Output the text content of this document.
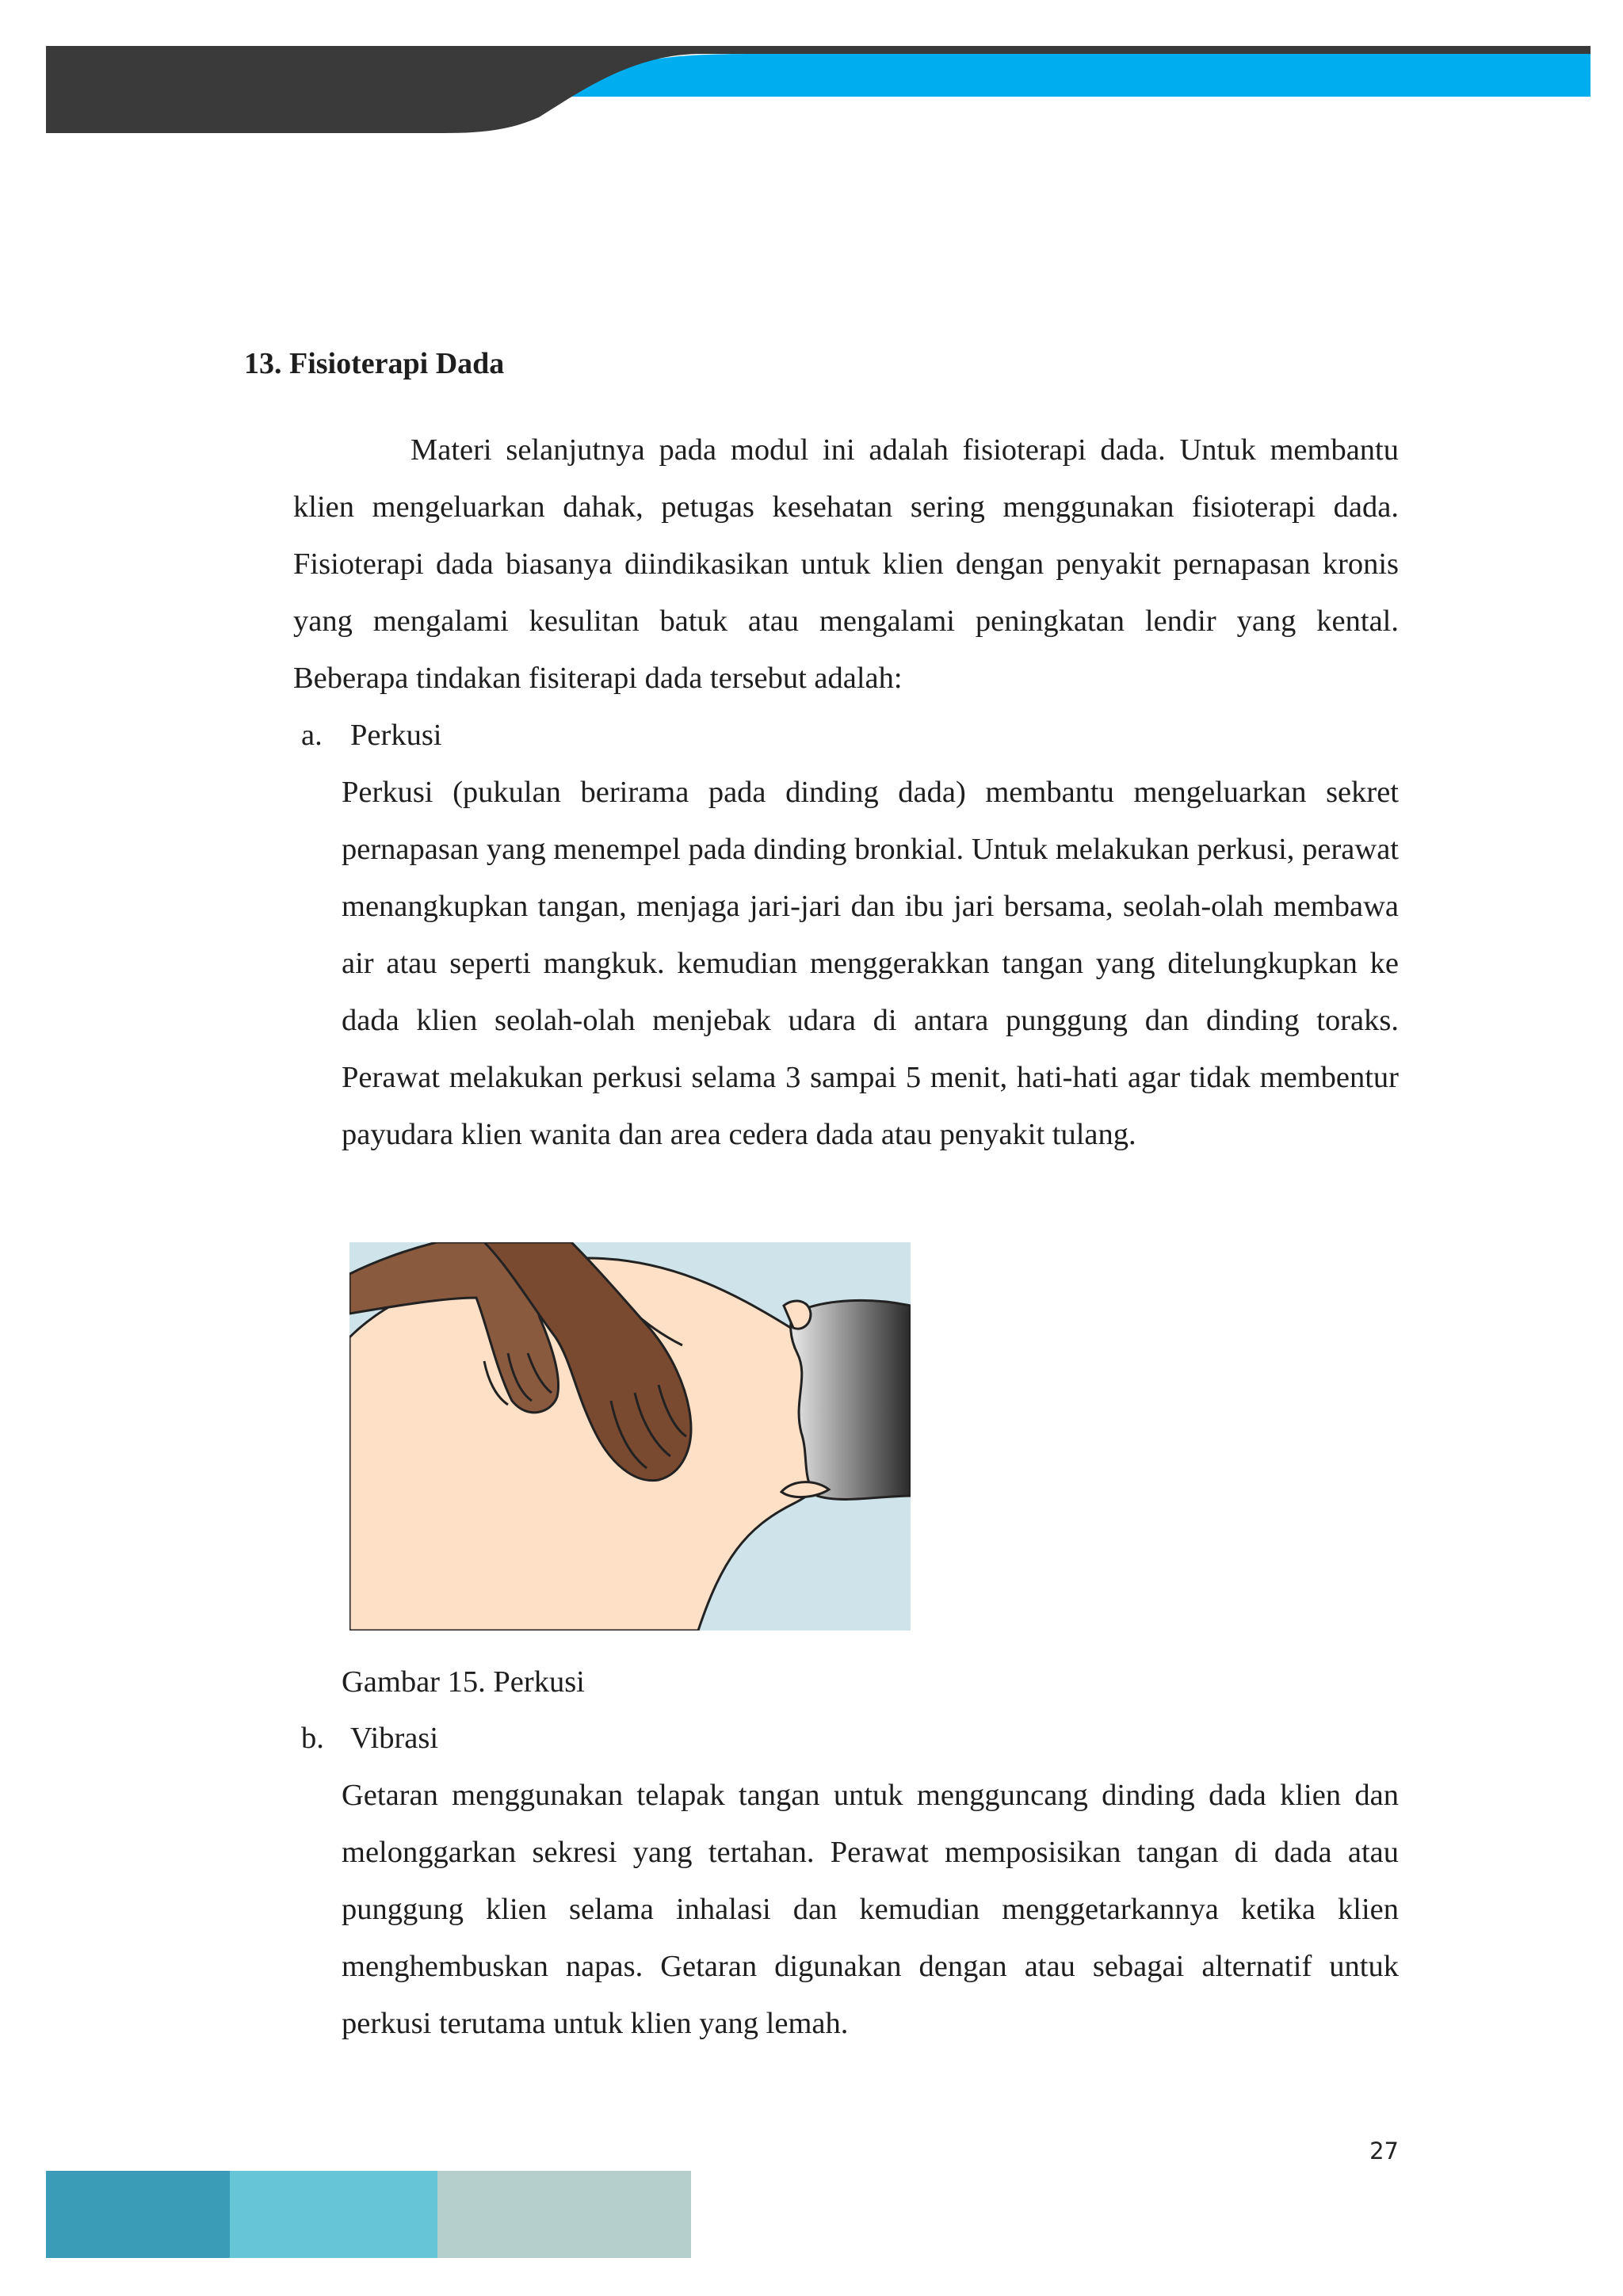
13. Fisioterapi Dada

Materi selanjutnya pada modul ini adalah fisioterapi dada. Untuk membantu klien mengeluarkan dahak, petugas kesehatan sering menggunakan fisioterapi dada. Fisioterapi dada biasanya diindikasikan untuk klien dengan penyakit pernapasan kronis yang mengalami kesulitan batuk atau mengalami peningkatan lendir yang kental. Beberapa tindakan fisiterapi dada tersebut adalah:

a. Perkusi

Perkusi (pukulan berirama pada dinding dada) membantu mengeluarkan sekret pernapasan yang menempel pada dinding bronkial. Untuk melakukan perkusi, perawat menangkupkan tangan, menjaga jari-jari dan ibu jari bersama, seolah-olah membawa air atau seperti mangkuk. kemudian menggerakkan tangan yang ditelungkupkan ke dada klien seolah-olah menjebak udara di antara punggung dan dinding toraks. Perawat melakukan perkusi selama 3 sampai 5 menit, hati-hati agar tidak membentur payudara klien wanita dan area cedera dada atau penyakit tulang.

Gambar 15. Perkusi

b. Vibrasi

Getaran menggunakan telapak tangan untuk mengguncang dinding dada klien dan melonggarkan sekresi yang tertahan. Perawat memposisikan tangan di dada atau punggung klien selama inhalasi dan kemudian menggetarkannya ketika klien menghembuskan napas. Getaran digunakan dengan atau sebagai alternatif untuk perkusi terutama untuk klien yang lemah.

27
